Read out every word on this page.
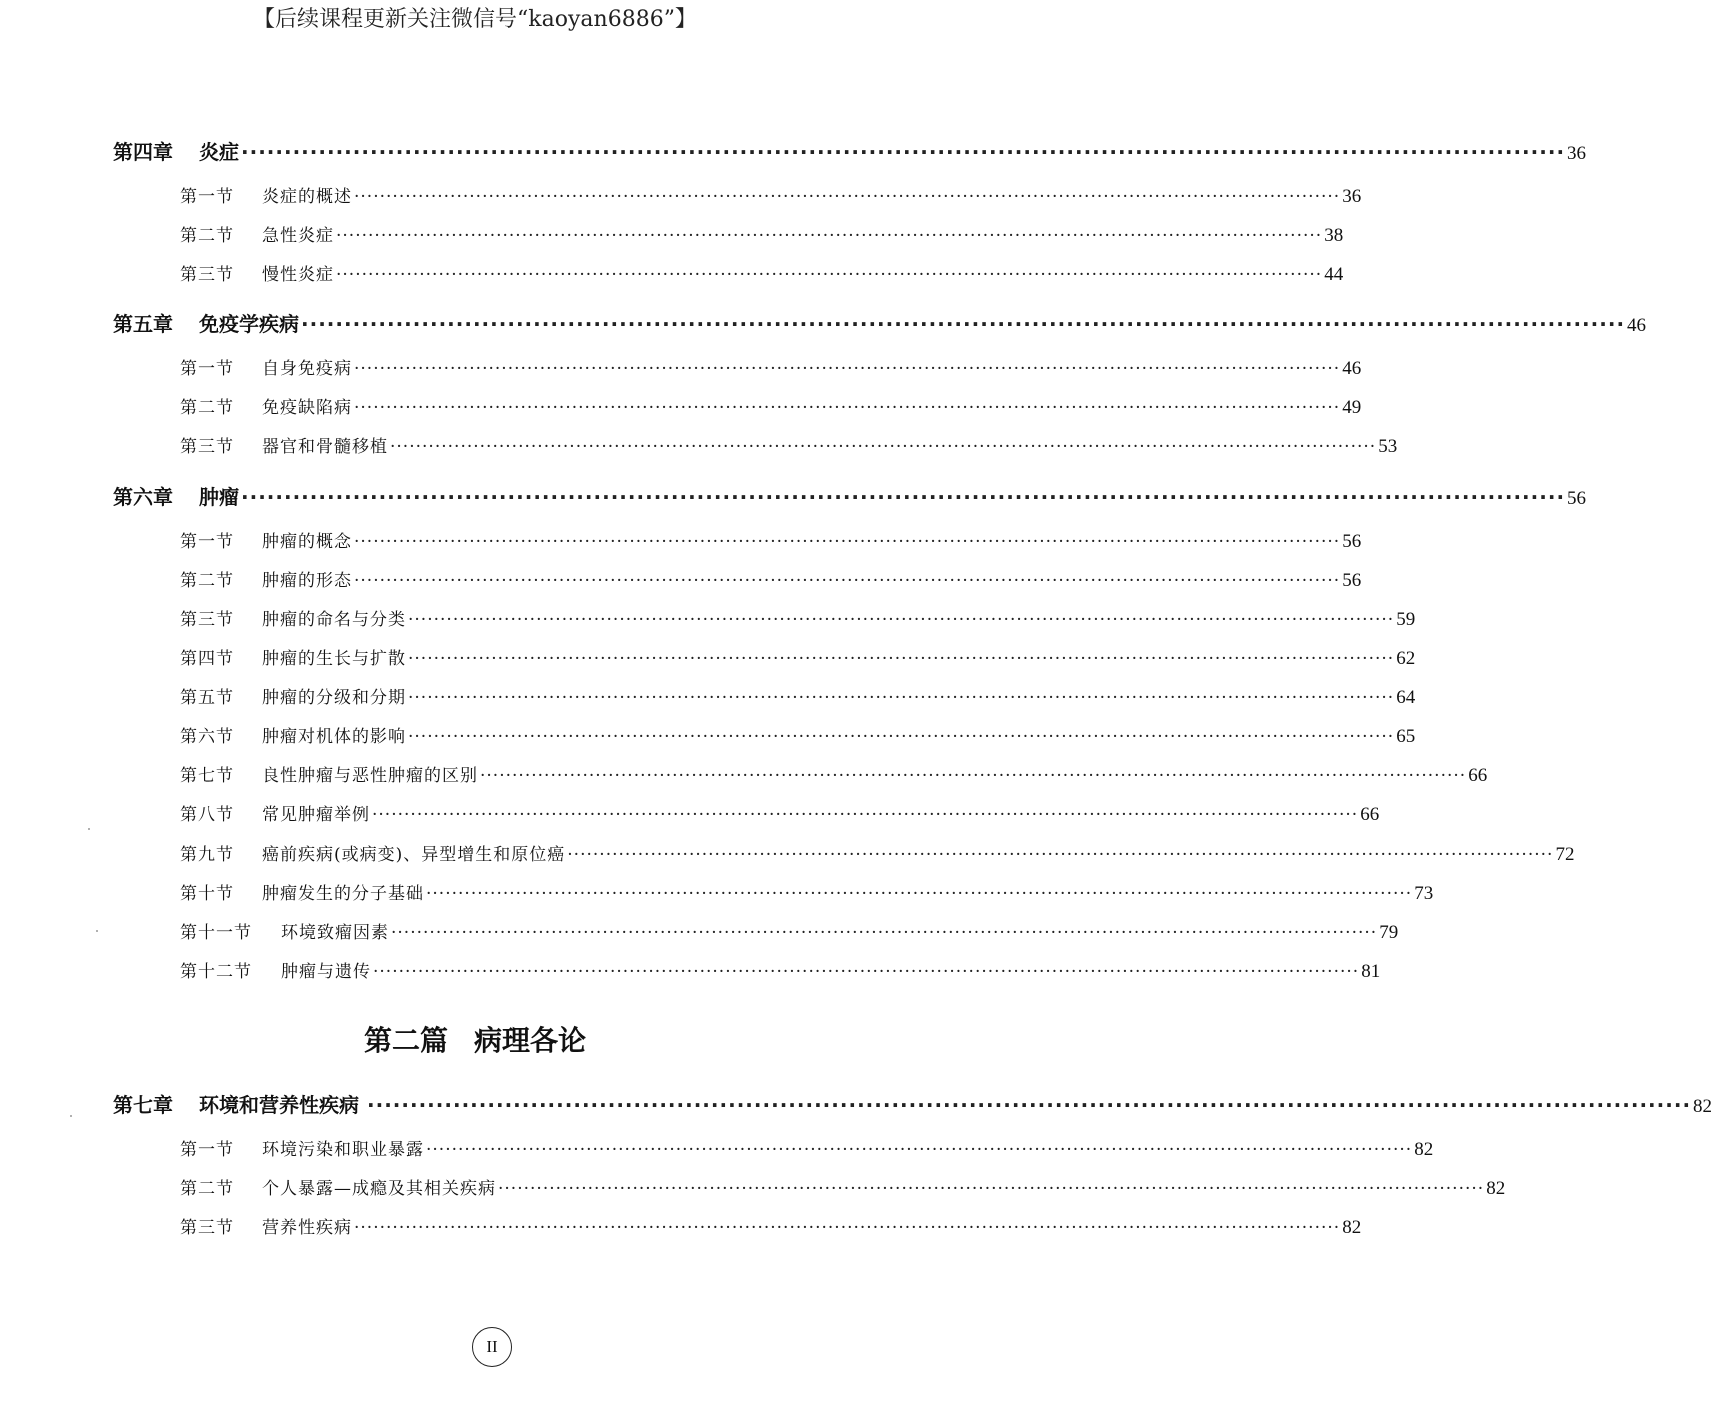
【后续课程更新关注微信号“kaoyan6886”】
第四章 炎症 ·························································································································································· 36
第一节 炎症的概述 ·························································································································································· 36
第二节 急性炎症 ·························································································································································· 38
第三节 慢性炎症 ·························································································································································· 44
第五章 免疫学疾病 ·························································································································································· 46
第一节 自身免疫病 ·························································································································································· 46
第二节 免疫缺陷病 ·························································································································································· 49
第三节 器官和骨髓移植 ·························································································································································· 53
第六章 肿瘤 ·························································································································································· 56
第一节 肿瘤的概念 ·························································································································································· 56
第二节 肿瘤的形态 ·························································································································································· 56
第三节 肿瘤的命名与分类 ·························································································································································· 59
第四节 肿瘤的生长与扩散 ·························································································································································· 62
第五节 肿瘤的分级和分期 ·························································································································································· 64
第六节 肿瘤对机体的影响 ·························································································································································· 65
第七节 良性肿瘤与恶性肿瘤的区别 ·························································································································································· 66
第八节 常见肿瘤举例 ·························································································································································· 66
第九节 癌前疾病(或病变)、异型增生和原位癌 ·························································································································································· 72
第十节 肿瘤发生的分子基础 ·························································································································································· 73
第十一节 环境致瘤因素 ·························································································································································· 79
第十二节 肿瘤与遗传 ·························································································································································· 81
第二篇 病理各论
第七章 环境和营养性疾病 ·························································································································································· 82
第一节 环境污染和职业暴露 ·························································································································································· 82
第二节 个人暴露—成瘾及其相关疾病 ·························································································································································· 82
第三节 营养性疾病 ·························································································································································· 82
II
